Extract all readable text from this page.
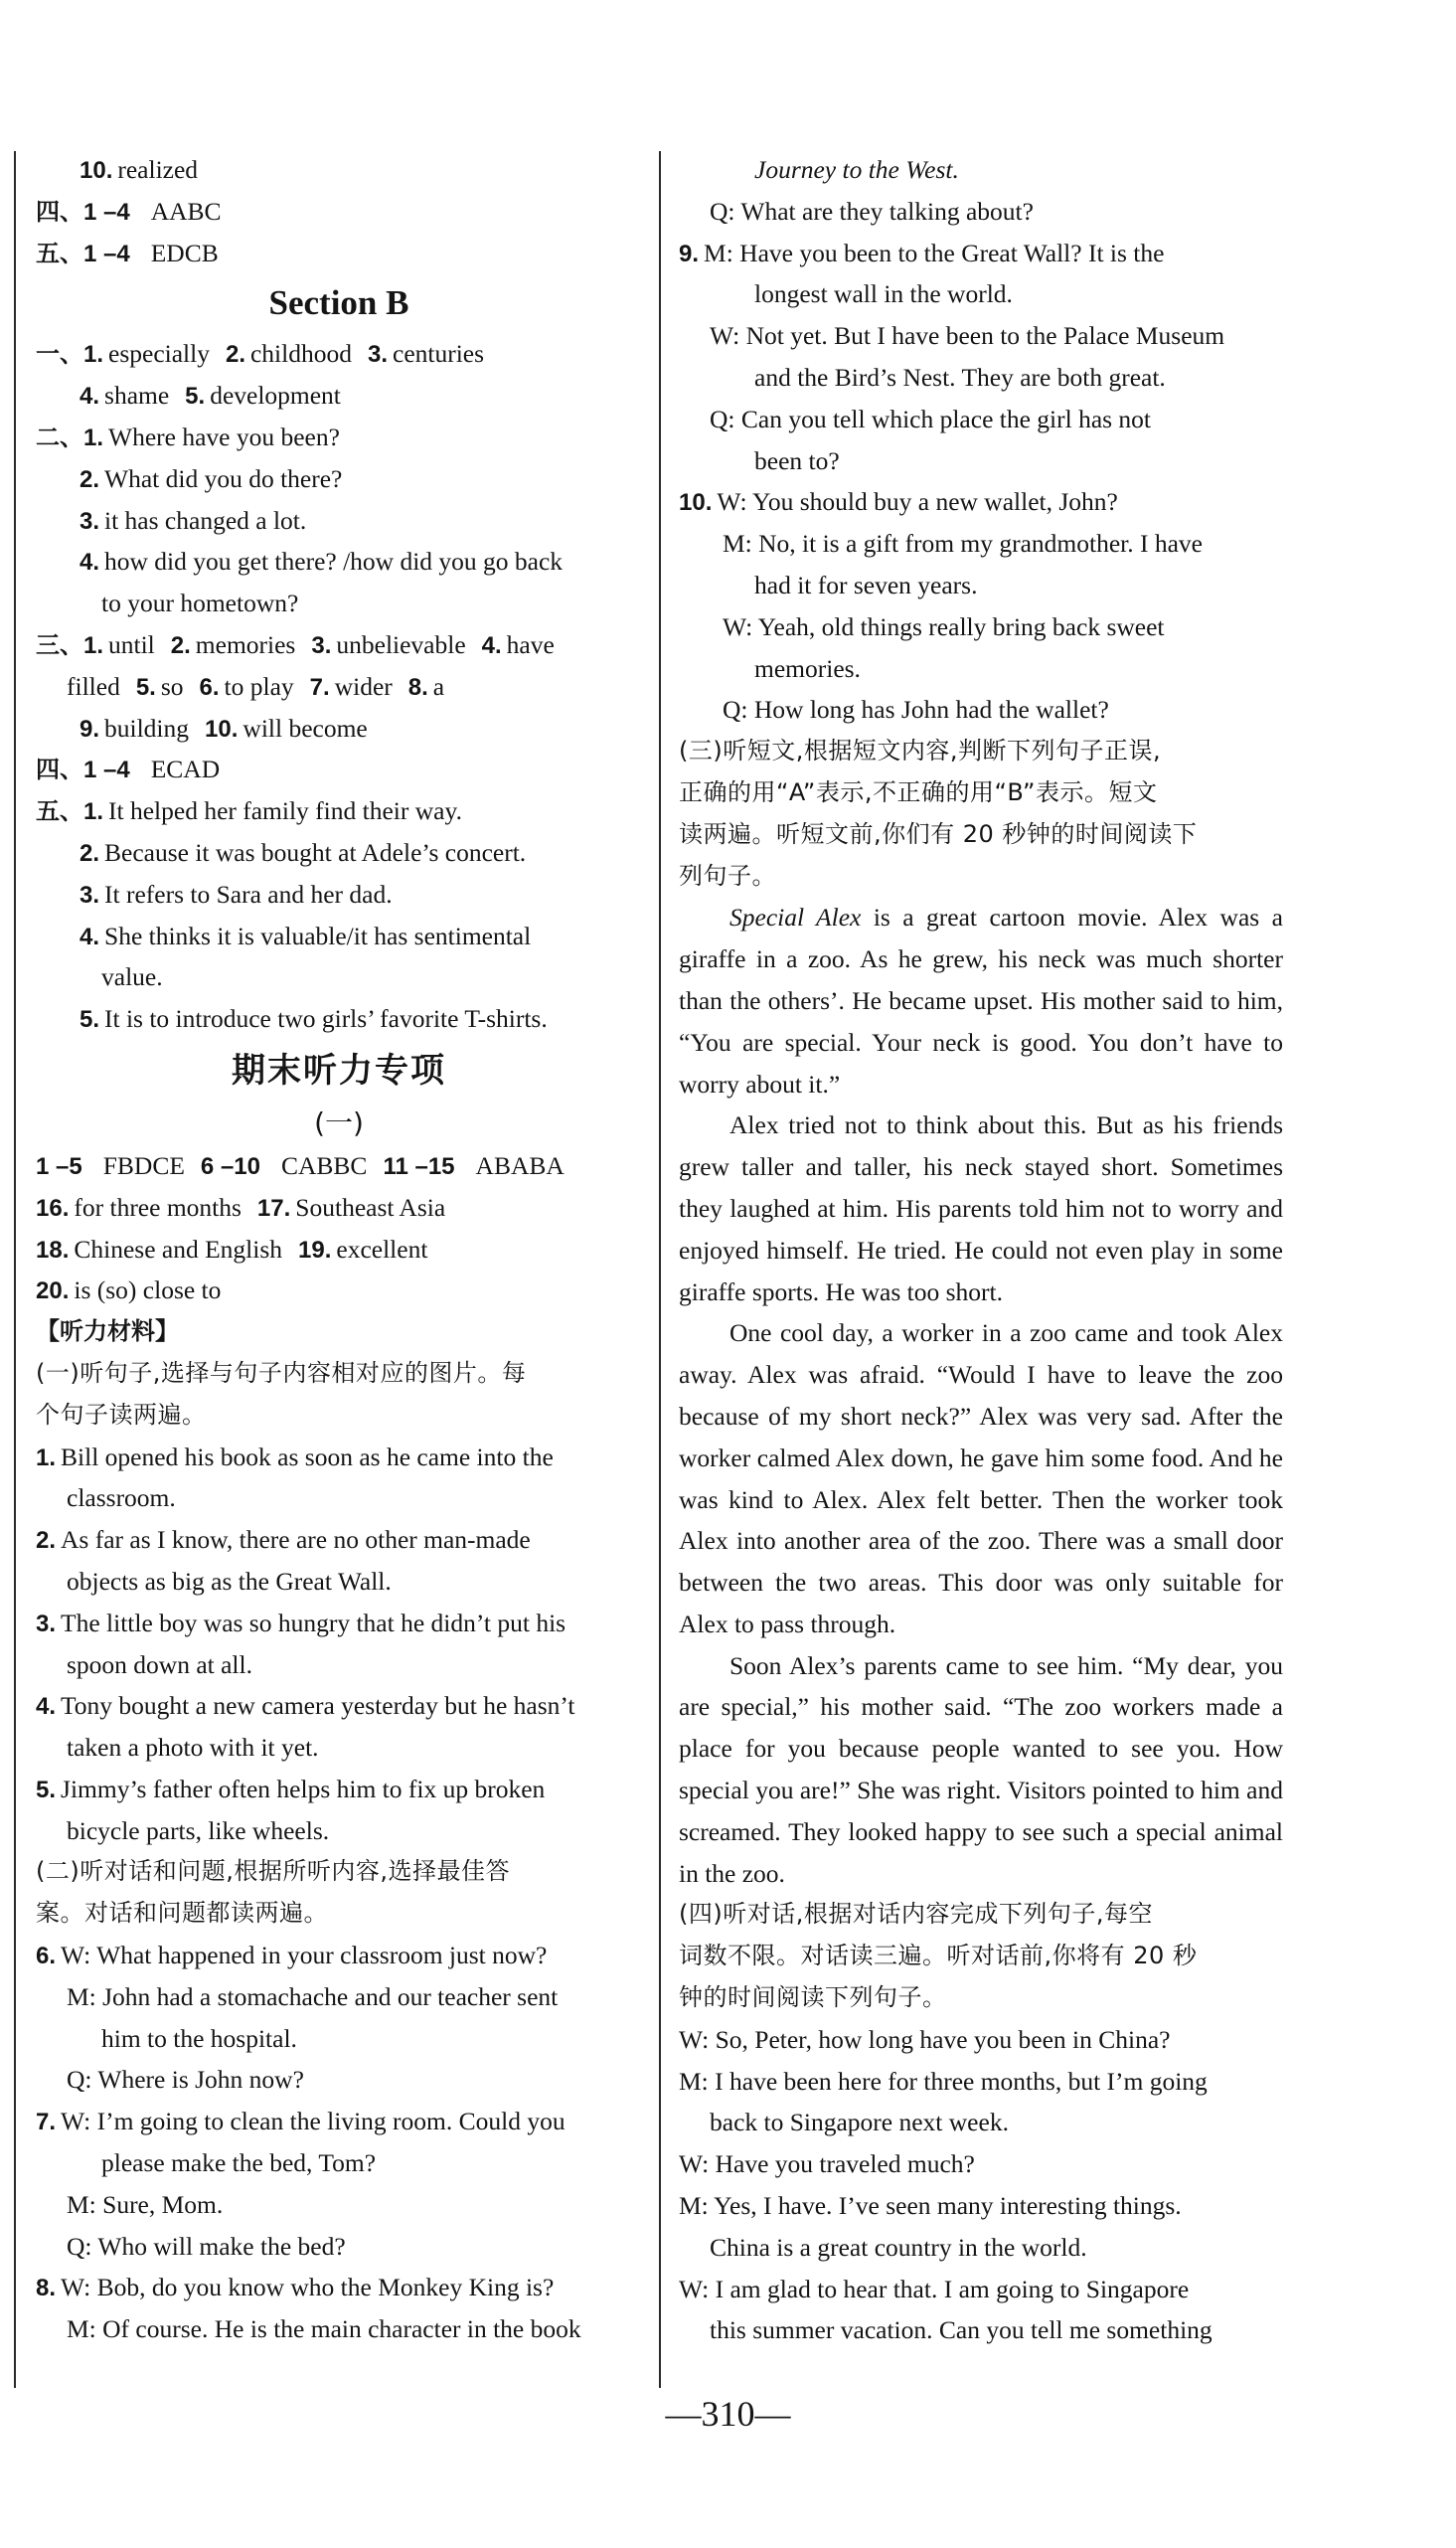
10. realized
四、1 –4 AABC
五、1 –4 EDCB
Section B
一、1. especially 2. childhood 3. centuries
4. shame 5. development
二、1. Where have you been?
2. What did you do there?
3. it has changed a lot.
4. how did you get there? /how did you go back
to your hometown?
三、1. until 2. memories 3. unbelievable 4. have
filled 5. so 6. to play 7. wider 8. a
9. building 10. will become
四、1 –4 ECAD
五、1. It helped her family find their way.
2. Because it was bought at Adele’s concert.
3. It refers to Sara and her dad.
4. She thinks it is valuable/it has sentimental
value.
5. It is to introduce two girls’ favorite T-shirts.
期末听力专项
(一)
1 –5 FBDCE 6 –10 CABBC 11 –15 ABABA
16. for three months 17. Southeast Asia
18. Chinese and English 19. excellent
20. is (so) close to
【听力材料】
(一)听句子,选择与句子内容相对应的图片。每
个句子读两遍。
1. Bill opened his book as soon as he came into the
classroom.
2. As far as I know, there are no other man-made
objects as big as the Great Wall.
3. The little boy was so hungry that he didn’t put his
spoon down at all.
4. Tony bought a new camera yesterday but he hasn’t
taken a photo with it yet.
5. Jimmy’s father often helps him to fix up broken
bicycle parts, like wheels.
(二)听对话和问题,根据所听内容,选择最佳答
案。对话和问题都读两遍。
6. W: What happened in your classroom just now?
M: John had a stomachache and our teacher sent
him to the hospital.
Q: Where is John now?
7. W: I’m going to clean the living room. Could you
please make the bed, Tom?
M: Sure, Mom.
Q: Who will make the bed?
8. W: Bob, do you know who the Monkey King is?
M: Of course. He is the main character in the book
Journey to the West.
Q: What are they talking about?
9. M: Have you been to the Great Wall? It is the
longest wall in the world.
W: Not yet. But I have been to the Palace Museum
and the Bird’s Nest. They are both great.
Q: Can you tell which place the girl has not
been to?
10. W: You should buy a new wallet, John?
M: No, it is a gift from my grandmother. I have
had it for seven years.
W: Yeah, old things really bring back sweet
memories.
Q: How long has John had the wallet?
(三)听短文,根据短文内容,判断下列句子正误,
正确的用“A”表示,不正确的用“B”表示。短文
读两遍。听短文前,你们有 20 秒钟的时间阅读下
列句子。
Special Alex is a great cartoon movie. Alex was a giraffe in a zoo. As he grew, his neck was much shorter than the others’. He became upset. His mother said to him, “You are special. Your neck is good. You don’t have to worry about it.”
Alex tried not to think about this. But as his friends grew taller and taller, his neck stayed short. Sometimes they laughed at him. His parents told him not to worry and enjoyed himself. He tried. He could not even play in some giraffe sports. He was too short.
One cool day, a worker in a zoo came and took Alex away. Alex was afraid. “Would I have to leave the zoo because of my short neck?” Alex was very sad. After the worker calmed Alex down, he gave him some food. And he was kind to Alex. Alex felt better. Then the worker took Alex into another area of the zoo. There was a small door between the two areas. This door was only suitable for Alex to pass through.
Soon Alex’s parents came to see him. “My dear, you are special,” his mother said. “The zoo workers made a place for you because people wanted to see you. How special you are!” She was right. Visitors pointed to him and screamed. They looked happy to see such a special animal in the zoo.
(四)听对话,根据对话内容完成下列句子,每空
词数不限。对话读三遍。听对话前,你将有 20 秒
钟的时间阅读下列句子。
W: So, Peter, how long have you been in China?
M: I have been here for three months, but I’m going
back to Singapore next week.
W: Have you traveled much?
M: Yes, I have. I’ve seen many interesting things.
China is a great country in the world.
W: I am glad to hear that. I am going to Singapore
this summer vacation. Can you tell me something
—310—
